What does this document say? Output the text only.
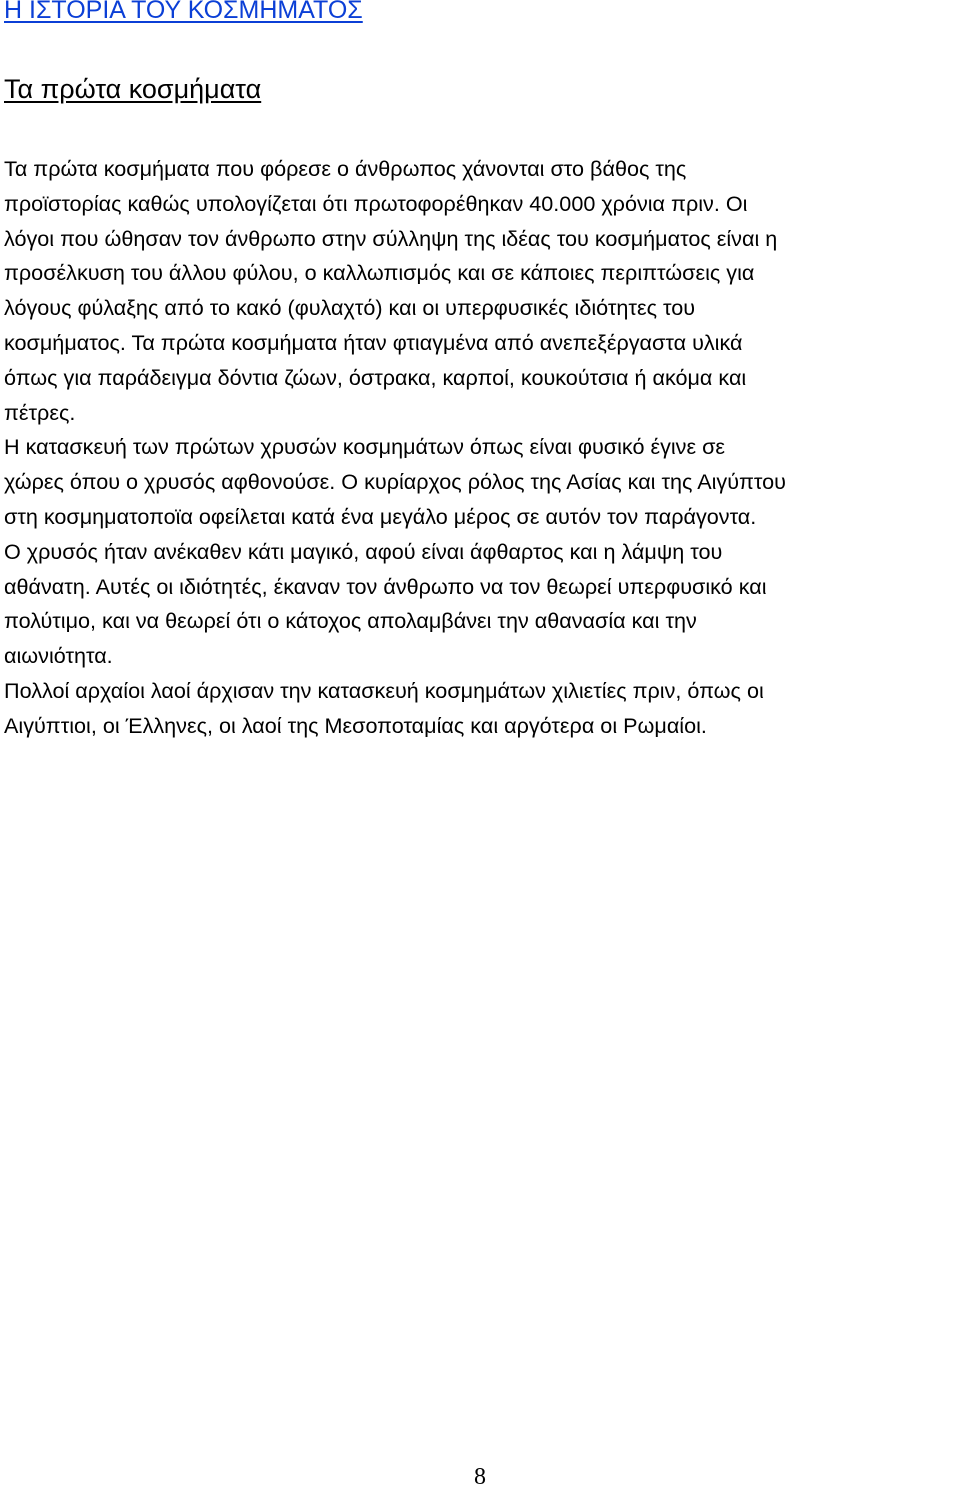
Η ΙΣΤΟΡΙΑ ΤΟΥ ΚΟΣΜΗΜΑΤΟΣ
Τα πρώτα κοσμήματα
Τα πρώτα κοσμήματα που φόρεσε ο άνθρωπος χάνονται στο βάθος της
προϊστορίας καθώς υπολογίζεται ότι πρωτοφορέθηκαν 40.000 χρόνια πριν. Οι
λόγοι που ώθησαν τον άνθρωπο στην σύλληψη της ιδέας του κοσμήματος είναι η
προσέλκυση του άλλου φύλου, ο καλλωπισμός και σε κάποιες περιπτώσεις για
λόγους φύλαξης από το κακό (φυλαχτό) και οι υπερφυσικές ιδιότητες του
κοσμήματος. Τα πρώτα κοσμήματα ήταν φτιαγμένα από ανεπεξέργαστα υλικά
όπως για παράδειγμα δόντια ζώων, όστρακα, καρποί, κουκούτσια ή ακόμα και
πέτρες.
Η κατασκευή των πρώτων χρυσών κοσμημάτων όπως είναι φυσικό έγινε σε
χώρες όπου ο χρυσός αφθονούσε. Ο κυρίαρχος ρόλος της Ασίας και της Αιγύπτου
στη κοσμηματοποϊα οφείλεται κατά ένα μεγάλο μέρος σε αυτόν τον παράγοντα.
Ο χρυσός ήταν ανέκαθεν κάτι μαγικό, αφού είναι άφθαρτος και η λάμψη του
αθάνατη. Αυτές οι ιδιότητές, έκαναν τον άνθρωπο να τον θεωρεί υπερφυσικό και
πολύτιμο, και να θεωρεί ότι ο κάτοχος απολαμβάνει την αθανασία και την
αιωνιότητα.
Πολλοί αρχαίοι λαοί άρχισαν την κατασκευή κοσμημάτων χιλιετίες πριν, όπως οι
Αιγύπτιοι, οι Έλληνες, οι λαοί της Μεσοποταμίας και αργότερα οι Ρωμαίοι.
8
